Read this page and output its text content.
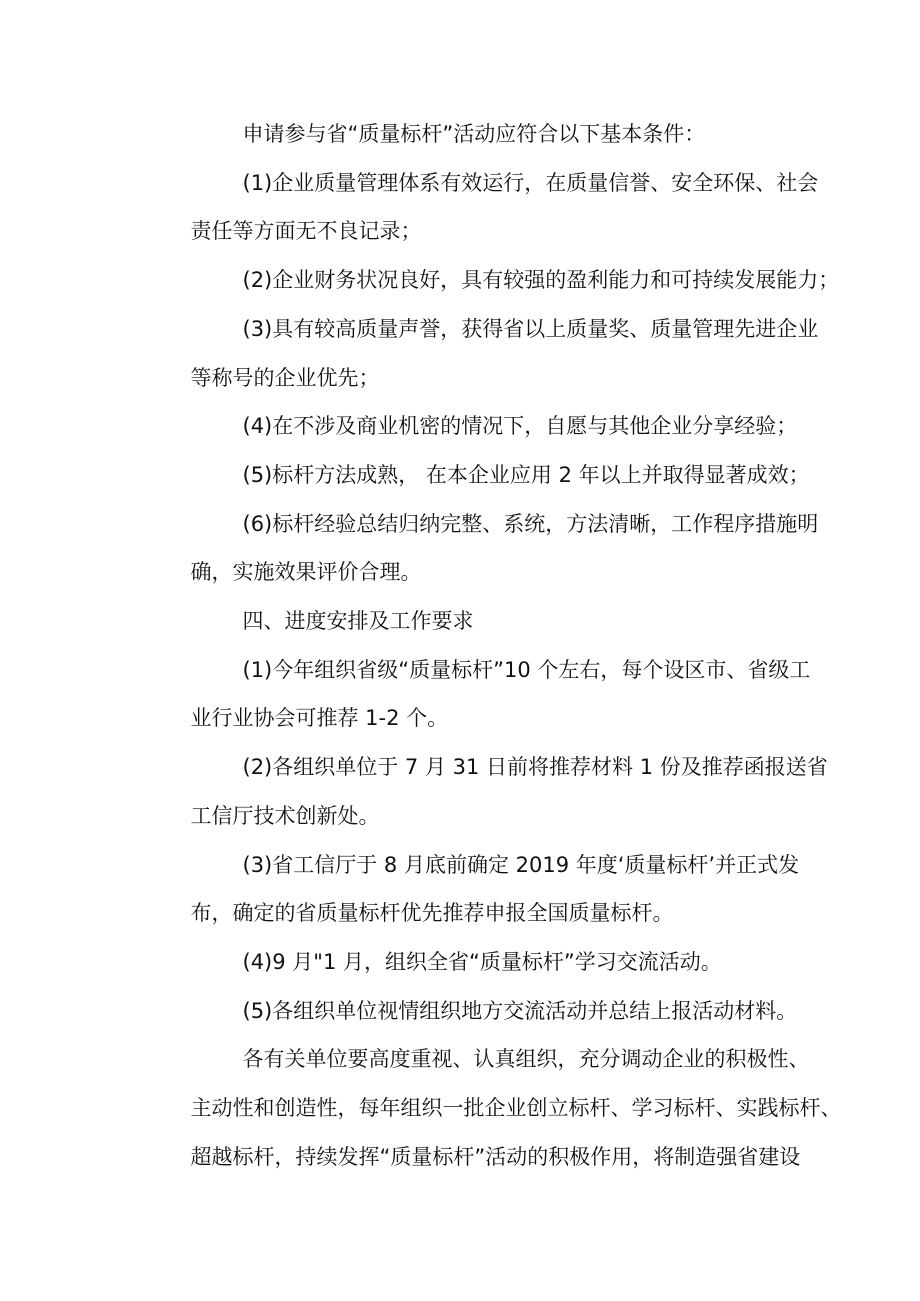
申请参与省“质量标杆”活动应符合以下基本条件：
(1)企业质量管理体系有效运行，在质量信誉、安全环保、社会
责任等方面无不良记录；
(2)企业财务状况良好，具有较强的盈利能力和可持续发展能力；
(3)具有较高质量声誉，获得省以上质量奖、质量管理先进企业
等称号的企业优先；
(4)在不涉及商业机密的情况下，自愿与其他企业分享经验；
(5)标杆方法成熟， 在本企业应用 2 年以上并取得显著成效；
(6)标杆经验总结归纳完整、系统，方法清晰，工作程序措施明
确，实施效果评价合理。
四、进度安排及工作要求
(1)今年组织省级“质量标杆”10 个左右，每个设区市、省级工
业行业协会可推荐 1-2 个。
(2)各组织单位于 7 月 31 日前将推荐材料 1 份及推荐函报送省
工信厅技术创新处。
(3)省工信厅于 8 月底前确定 2019 年度‘质量标杆’并正式发
布，确定的省质量标杆优先推荐申报全国质量标杆。
(4)9 月"1 月，组织全省“质量标杆”学习交流活动。
(5)各组织单位视情组织地方交流活动并总结上报活动材料。
各有关单位要高度重视、认真组织，充分调动企业的积极性、
主动性和创造性，每年组织一批企业创立标杆、学习标杆、实践标杆、
超越标杆，持续发挥“质量标杆”活动的积极作用，将制造强省建设
